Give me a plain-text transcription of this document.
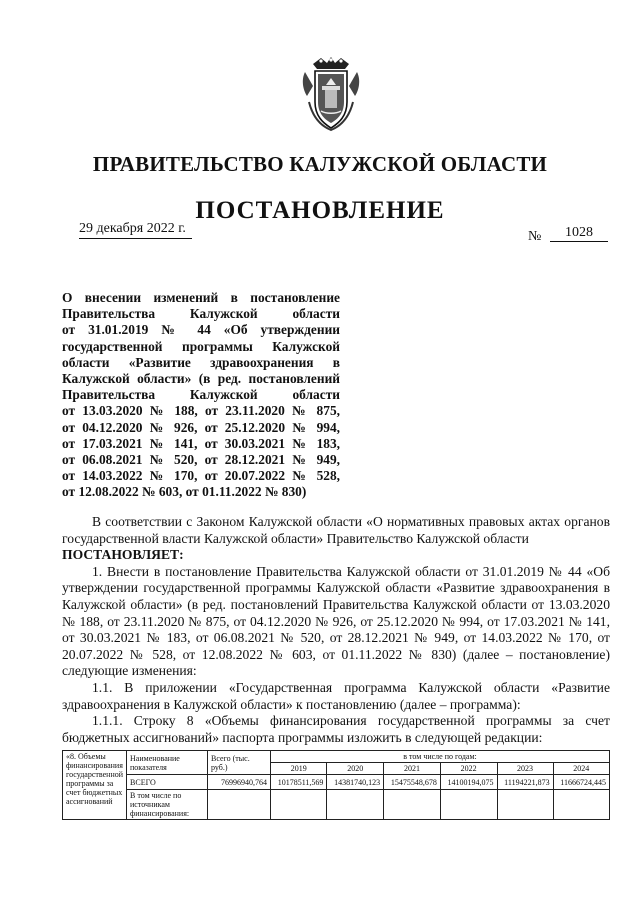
ПРАВИТЕЛЬСТВО КАЛУЖСКОЙ ОБЛАСТИ
ПОСТАНОВЛЕНИЕ
29 декабря 2022 г.
№	1028
О внесении изменений в постановление
Правительства Калужской области
от 31.01.2019 № 44 «Об утверждении
государственной программы Калужской
области «Развитие здравоохранения в
Калужской области» (в ред. постановлений
Правительства Калужской области
от 13.03.2020 № 188, от 23.11.2020 № 875,
от 04.12.2020 № 926, от 25.12.2020 № 994,
от 17.03.2021 № 141, от 30.03.2021 № 183,
от 06.08.2021 № 520, от 28.12.2021 № 949,
от 14.03.2022 № 170, от 20.07.2022 № 528,
от 12.08.2022 № 603, от 01.11.2022 № 830)

В соответствии с Законом Калужской области «О нормативных правовых актах органов государственной власти Калужской области» Правительство Калужской области

ПОСТАНОВЛЯЕТ:

1. Внести в постановление Правительства Калужской области от 31.01.2019 № 44 «Об утверждении государственной программы Калужской области «Развитие здравоохранения в Калужской области» (в ред. постановлений Правительства Калужской области от 13.03.2020 № 188, от 23.11.2020 № 875, от 04.12.2020 № 926, от 25.12.2020 № 994, от 17.03.2021 № 141, от 30.03.2021 № 183, от 06.08.2021 № 520, от 28.12.2021 № 949, от 14.03.2022 № 170, от 20.07.2022 № 528, от 12.08.2022 № 603, от 01.11.2022 № 830) (далее – постановление) следующие изменения:

1.1. В приложении «Государственная программа Калужской области «Развитие здравоохранения в Калужской области» к постановлению (далее – программа):

1.1.1. Строку 8 «Объемы финансирования государственной программы за счет бюджетных ассигнований» паспорта программы изложить в следующей редакции:

«8. Объемы финансирования государственной программы за счет бюджетных ассигнований	Наименование показателя	Всего (тыс. руб.)	в том числе по годам:					
			2019	2020	2021	2022	2023	2024
	ВСЕГО	76996940,764	10178511,569	14381740,123	15475548,678	14100194,075	11194221,873	11666724,445
	В том числе по источникам финансирования:							
